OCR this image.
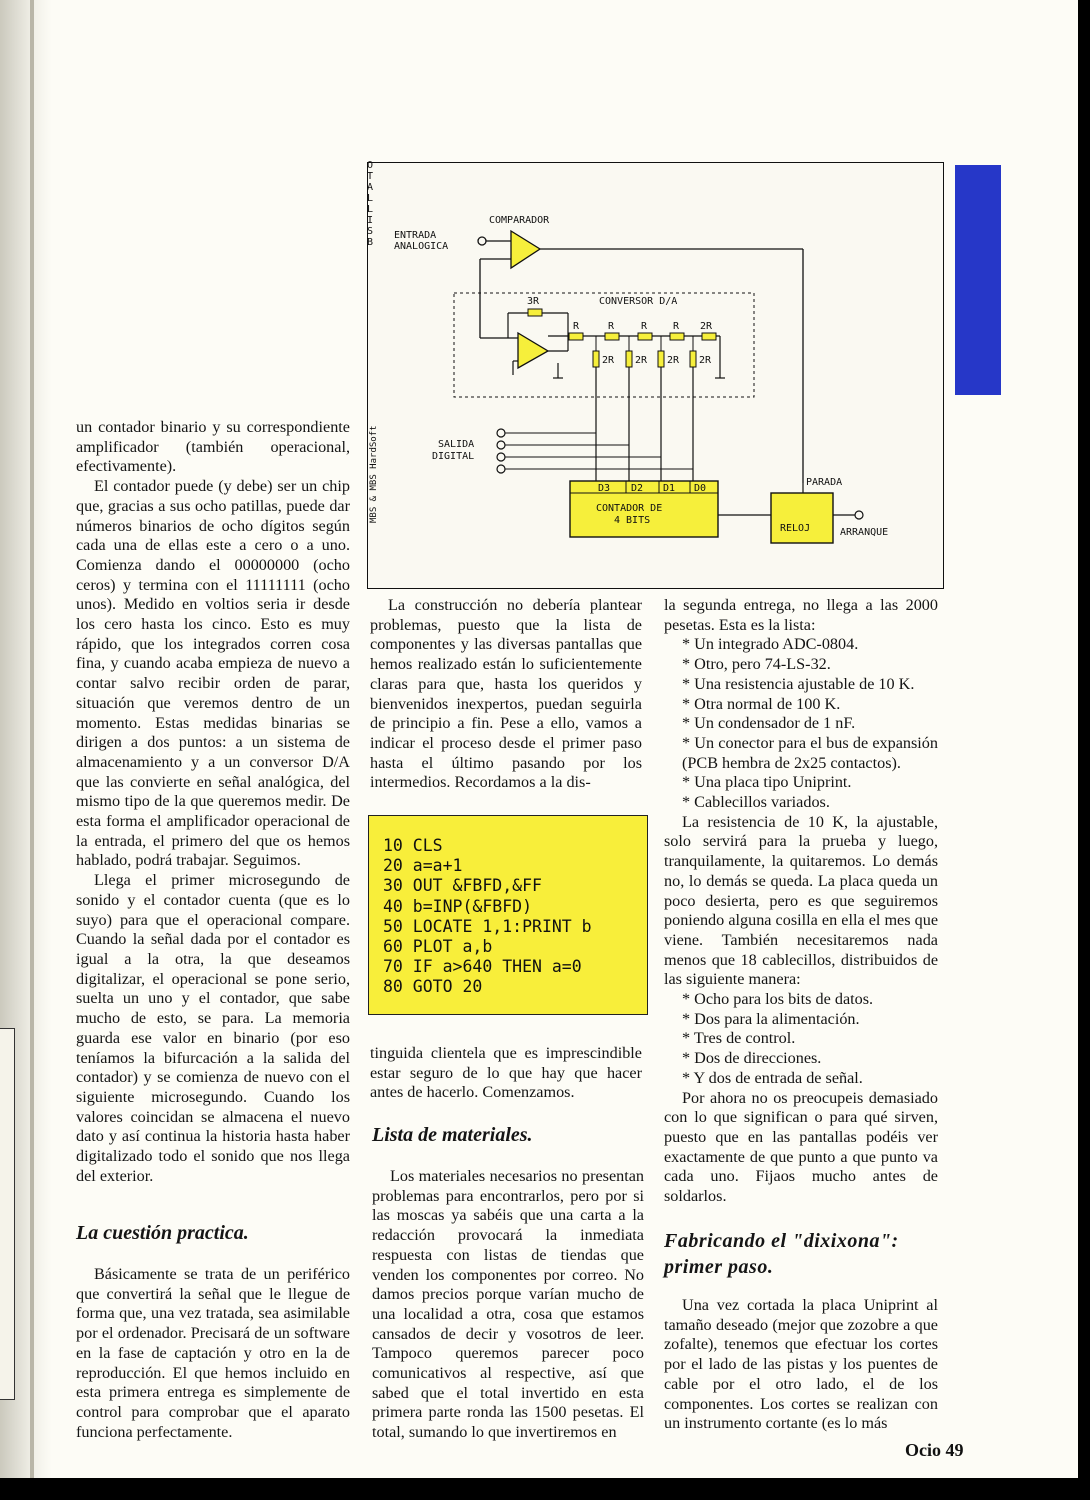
ENTRADA
ANALOGICA
COMPARADOR
CONVERSOR D/A
3R
R	R	R	R 2R
2R 2R 2R 2R
SALIDA
DIGITAL
D3 D2 D1 D0
CONTADOR DE
4 BITS
RELOJ
PARADA
ARRANQUE
MBS & MBS HardSoft
OTALLIS B

un contador binario y su correspondiente amplificador (también operacional, efectivamente).

El contador puede (y debe) ser un chip que, gracias a sus ocho patillas, puede dar números binarios de ocho dígitos según cada una de ellas este a cero o a uno. Comienza dando el 00000000 (ocho ceros) y termina con el 11111111 (ocho unos). Medido en voltios seria ir desde los cero hasta los cinco. Esto es muy rápido, que los integrados corren cosa fina, y cuando acaba empieza de nuevo a contar salvo recibir orden de parar, situación que veremos dentro de un momento. Estas medidas binarias se dirigen a dos puntos: a un sistema de almacenamiento y a un conversor D/A que las convierte en señal analógica, del mismo tipo de la que queremos medir. De esta forma el amplificador operacional de la entrada, el primero del que os hemos hablado, podrá trabajar. Seguimos.

Llega el primer microsegundo de sonido y el contador cuenta (que es lo suyo) para que el operacional compare. Cuando la señal dada por el contador es igual a la otra, la que deseamos digitalizar, el operacional se pone serio, suelta un uno y el contador, que sabe mucho de esto, se para. La memoria guarda ese valor en binario (por eso teníamos la bifurcación a la salida del contador) y se comienza de nuevo con el siguiente microsegundo. Cuando los valores coincidan se almacena el nuevo dato y así continua la historia hasta haber digitalizado todo el sonido que nos llega del exterior.

La cuestión practica.

Básicamente se trata de un periférico que convertirá la señal que le llegue de forma que, una vez tratada, sea asimilable por el ordenador. Precisará de un software en la fase de captación y otro en la de reproducción. El que hemos incluido en esta primera entrega es simplemente de control para comprobar que el aparato funciona perfectamente.

La construcción no debería plantear problemas, puesto que la lista de componentes y las diversas pantallas que hemos realizado están lo suficientemente claras para que, hasta los queridos y bienvenidos inexpertos, puedan seguirla de principio a fin. Pese a ello, vamos a indicar el proceso desde el primer paso hasta el último pasando por los intermedios. Recordamos a la dis-

10 CLS
20 a=a+1
30 OUT &FBFD,&FF
40 b=INP(&FBFD)
50 LOCATE 1,1:PRINT b
60 PLOT a,b
70 IF a>640 THEN a=0
80 GOTO 20

tinguida clientela que es imprescindible estar seguro de lo que hay que hacer antes de hacerlo. Comenzamos.

Lista de materiales.

Los materiales necesarios no presentan problemas para encontrarlos, pero por si las moscas ya sabéis que una carta a la redacción provocará la inmediata respuesta con listas de tiendas que venden los componentes por correo. No damos precios porque varían mucho de una localidad a otra, cosa que estamos cansados de decir y vosotros de leer. Tampoco queremos parecer poco comunicativos al respective, así que sabed que el total invertido en esta primera parte ronda las 1500 pesetas. El total, sumando lo que invertiremos en

la segunda entrega, no llega a las 2000 pesetas. Esta es la lista:

* Un integrado ADC-0804.

* Otro, pero 74-LS-32.

* Una resistencia ajustable de 10 K.

* Otra normal de 100 K.

* Un condensador de 1 nF.

* Un conector para el bus de expansión (PCB hembra de 2x25 contactos).

* Una placa tipo Uniprint.

* Cablecillos variados.

La resistencia de 10 K, la ajustable, solo servirá para la prueba y luego, tranquilamente, la quitaremos. Lo demás no, lo demás se queda. La placa queda un poco desierta, pero es que seguiremos poniendo alguna cosilla en ella el mes que viene. También necesitaremos nada menos que 18 cablecillos, distribuidos de las siguiente manera:

* Ocho para los bits de datos.

* Dos para la alimentación.

* Tres de control.

* Dos de direcciones.

* Y dos de entrada de señal.

Por ahora no os preocupeis demasiado con lo que significan o para qué sirven, puesto que en las pantallas podéis ver exactamente de que punto a que punto va cada uno. Fijaos mucho antes de soldarlos.

Fabricando el "dixixona": primer paso.

Una vez cortada la placa Uniprint al tamaño deseado (mejor que zozobre a que zofalte), tenemos que efectuar los cortes por el lado de las pistas y los puentes de cable por el otro lado, el de los componentes. Los cortes se realizan con un instrumento cortante (es lo más

Ocio 49
